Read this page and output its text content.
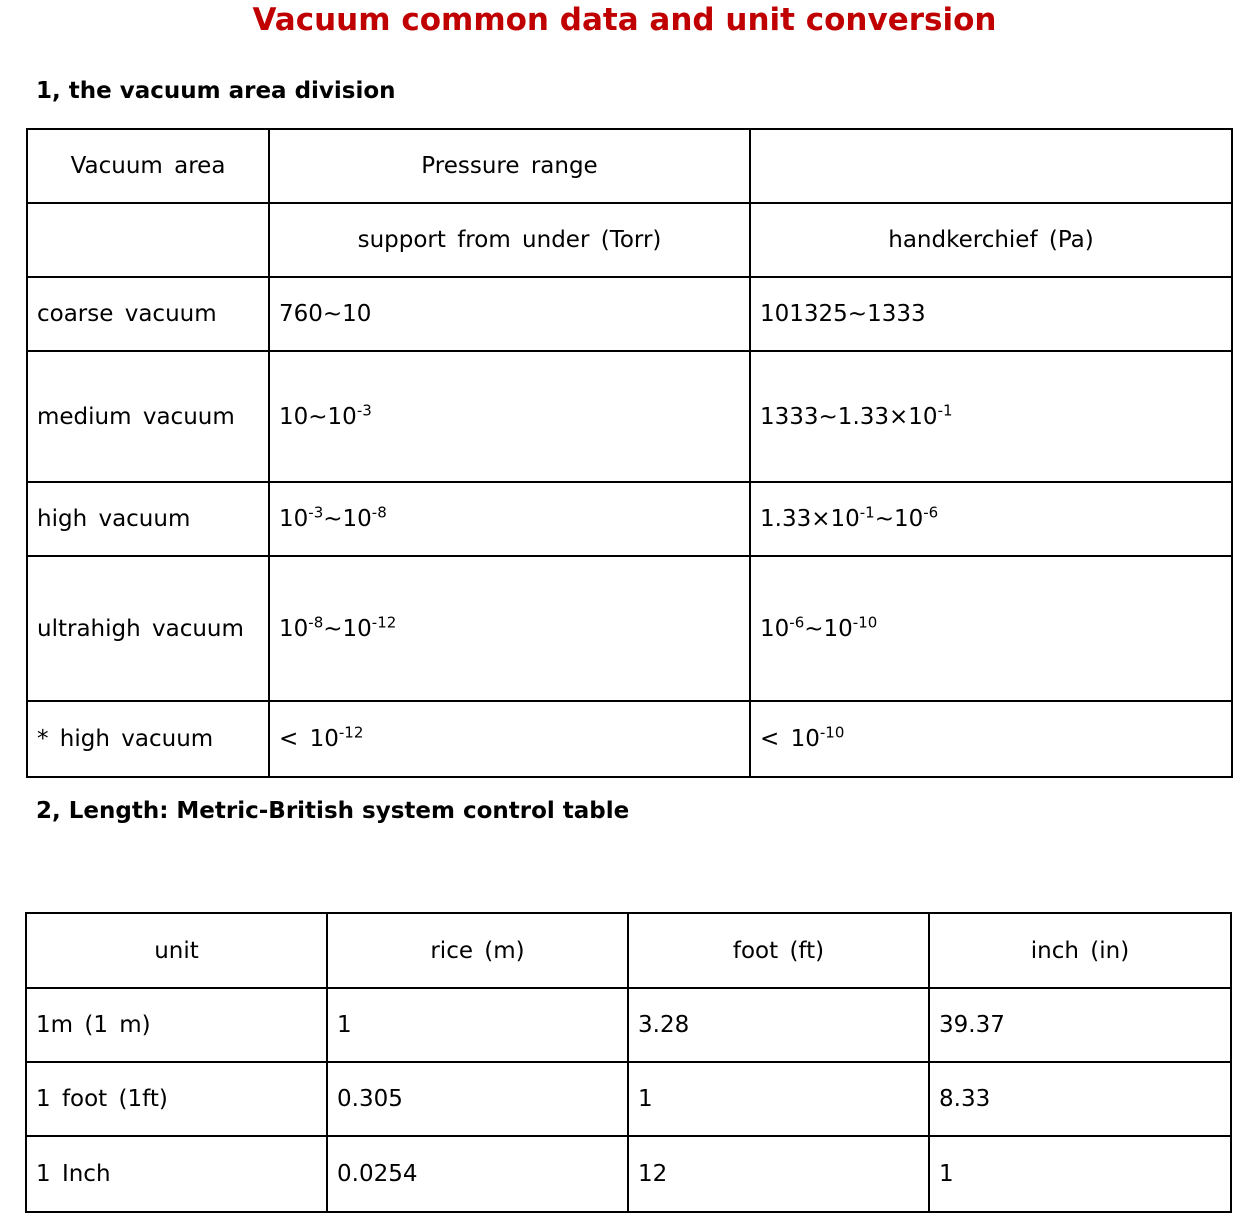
Vacuum common data and unit conversion
1, the vacuum area division
Vacuum area	Pressure range	
	support from under (Torr)	handkerchief (Pa)
coarse vacuum	760~10	101325~1333
medium vacuum	$10\sim 10^{-3}$	$1333\sim 1.33\times 10^{-1}$
high vacuum	$10^{-3}\sim 10^{-8}$	$1.33\times 10^{-1}\sim 10^{-6}$
ultrahigh vacuum	$10^{-8}\sim 10^{-12}$	$10^{-6}\sim 10^{-10}$
* high vacuum	< $10^{-12}$	< $10^{-10}$
2, Length: Metric-British system control table
unit	rice (m)	foot (ft)	inch (in)
1m (1 m)	1	3.28	39.37
1 foot (1ft)	0.305	1	8.33
1 Inch	0.0254	12	1
